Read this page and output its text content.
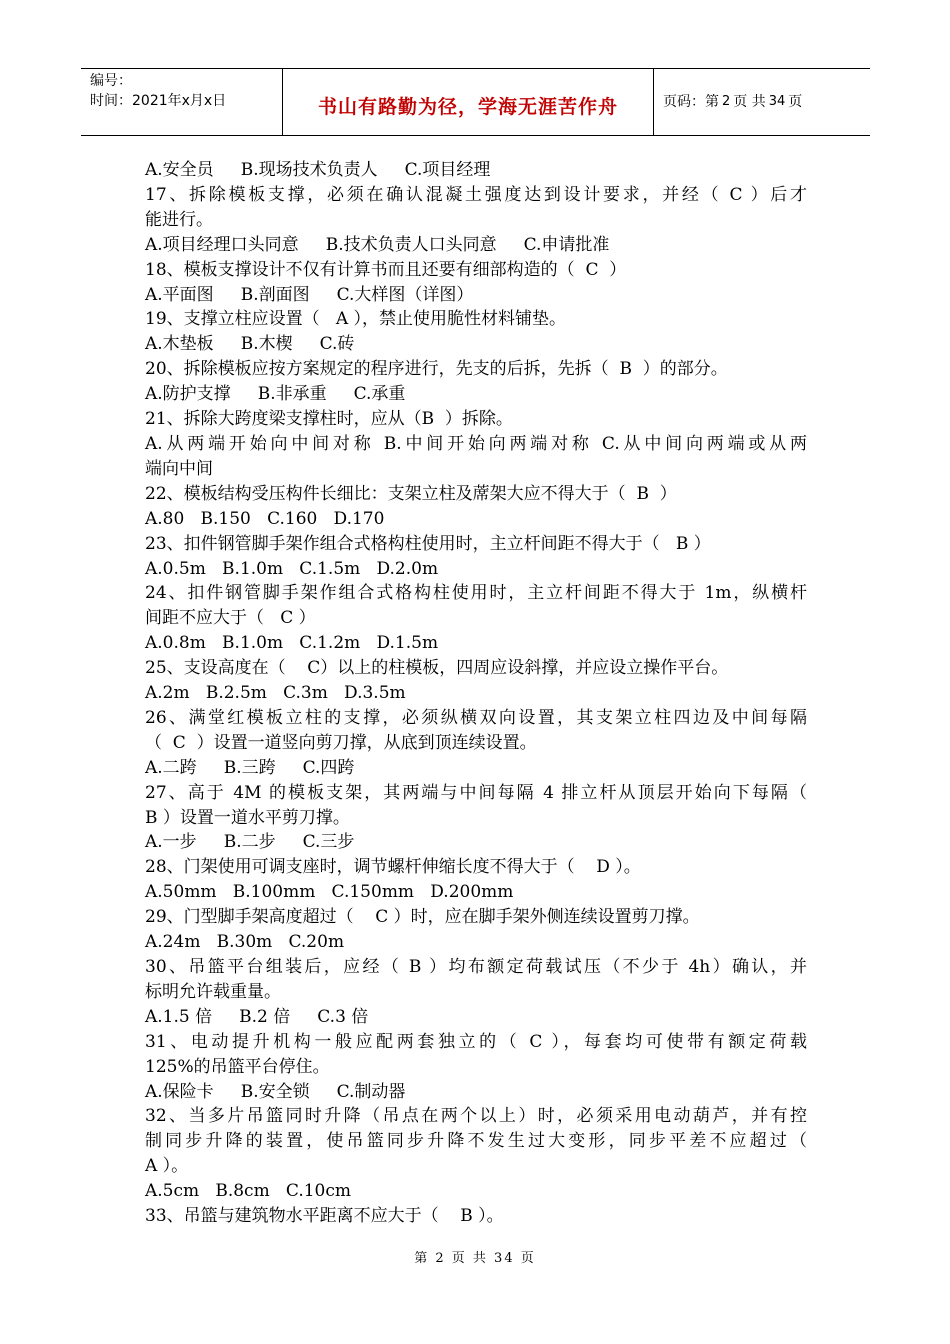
编号：
时间：2021年x月x日	书山有路勤为径，学海无涯苦作舟	页码：第 2 页 共 34 页
A.安全员     B.现场技术负责人     C.项目经理
17、拆除模板支撑，必须在确认混凝土强度达到设计要求，并经（ C ）后才
能进行。
A.项目经理口头同意     B.技术负责人口头同意     C.申请批准
18、模板支撑设计不仅有计算书而且还要有细部构造的（  C  ）
A.平面图     B.剖面图     C.大样图（详图）
19、支撑立柱应设置（   A ），禁止使用脆性材料铺垫。
A.木垫板     B.木楔     C.砖
20、拆除模板应按方案规定的程序进行，先支的后拆，先拆（  B  ）的部分。
A.防护支撑     B.非承重     C.承重
21、拆除大跨度梁支撑柱时，应从（B  ）拆除。
A.从两端开始向中间对称 B.中间开始向两端对称 C.从中间向两端或从两
端向中间
22、模板结构受压构件长细比：支架立柱及蓆架大应不得大于（  B  ）
A.80   B.150   C.160   D.170
23、扣件钢管脚手架作组合式格构柱使用时，主立杆间距不得大于（   B ）
A.0.5m   B.1.0m   C.1.5m   D.2.0m
24、扣件钢管脚手架作组合式格构柱使用时，主立杆间距不得大于 1m，纵横杆
间距不应大于（   C ）
A.0.8m   B.1.0m   C.1.2m   D.1.5m
25、支设高度在（    C）以上的柱模板，四周应设斜撑，并应设立操作平台。
A.2m   B.2.5m   C.3m   D.3.5m
26、满堂红模板立柱的支撑，必须纵横双向设置，其支架立柱四边及中间每隔
（  C  ）设置一道竖向剪刀撑，从底到顶连续设置。
A.二跨     B.三跨     C.四跨
27、高于 4M 的模板支架，其两端与中间每隔 4 排立杆从顶层开始向下每隔（
B ）设置一道水平剪刀撑。
A.一步     B.二步     C.三步
28、门架使用可调支座时，调节螺杆伸缩长度不得大于（    D ）。
A.50mm   B.100mm   C.150mm   D.200mm
29、门型脚手架高度超过（    C ）时，应在脚手架外侧连续设置剪刀撑。
A.24m   B.30m   C.20m
30、吊篮平台组装后，应经（ B ）均布额定荷载试压（不少于 4h）确认，并
标明允许载重量。
A.1.5 倍     B.2 倍     C.3 倍
31、电动提升机构一般应配两套独立的（ C ），每套均可使带有额定荷载
125%的吊篮平台停住。
A.保险卡     B.安全锁     C.制动器
32、当多片吊篮同时升降（吊点在两个以上）时，必须采用电动葫芦，并有控
制同步升降的装置，使吊篮同步升降不发生过大变形，同步平差不应超过（
A ）。
A.5cm   B.8cm   C.10cm
33、吊篮与建筑物水平距离不应大于（    B ）。
第 2 页 共 34 页
